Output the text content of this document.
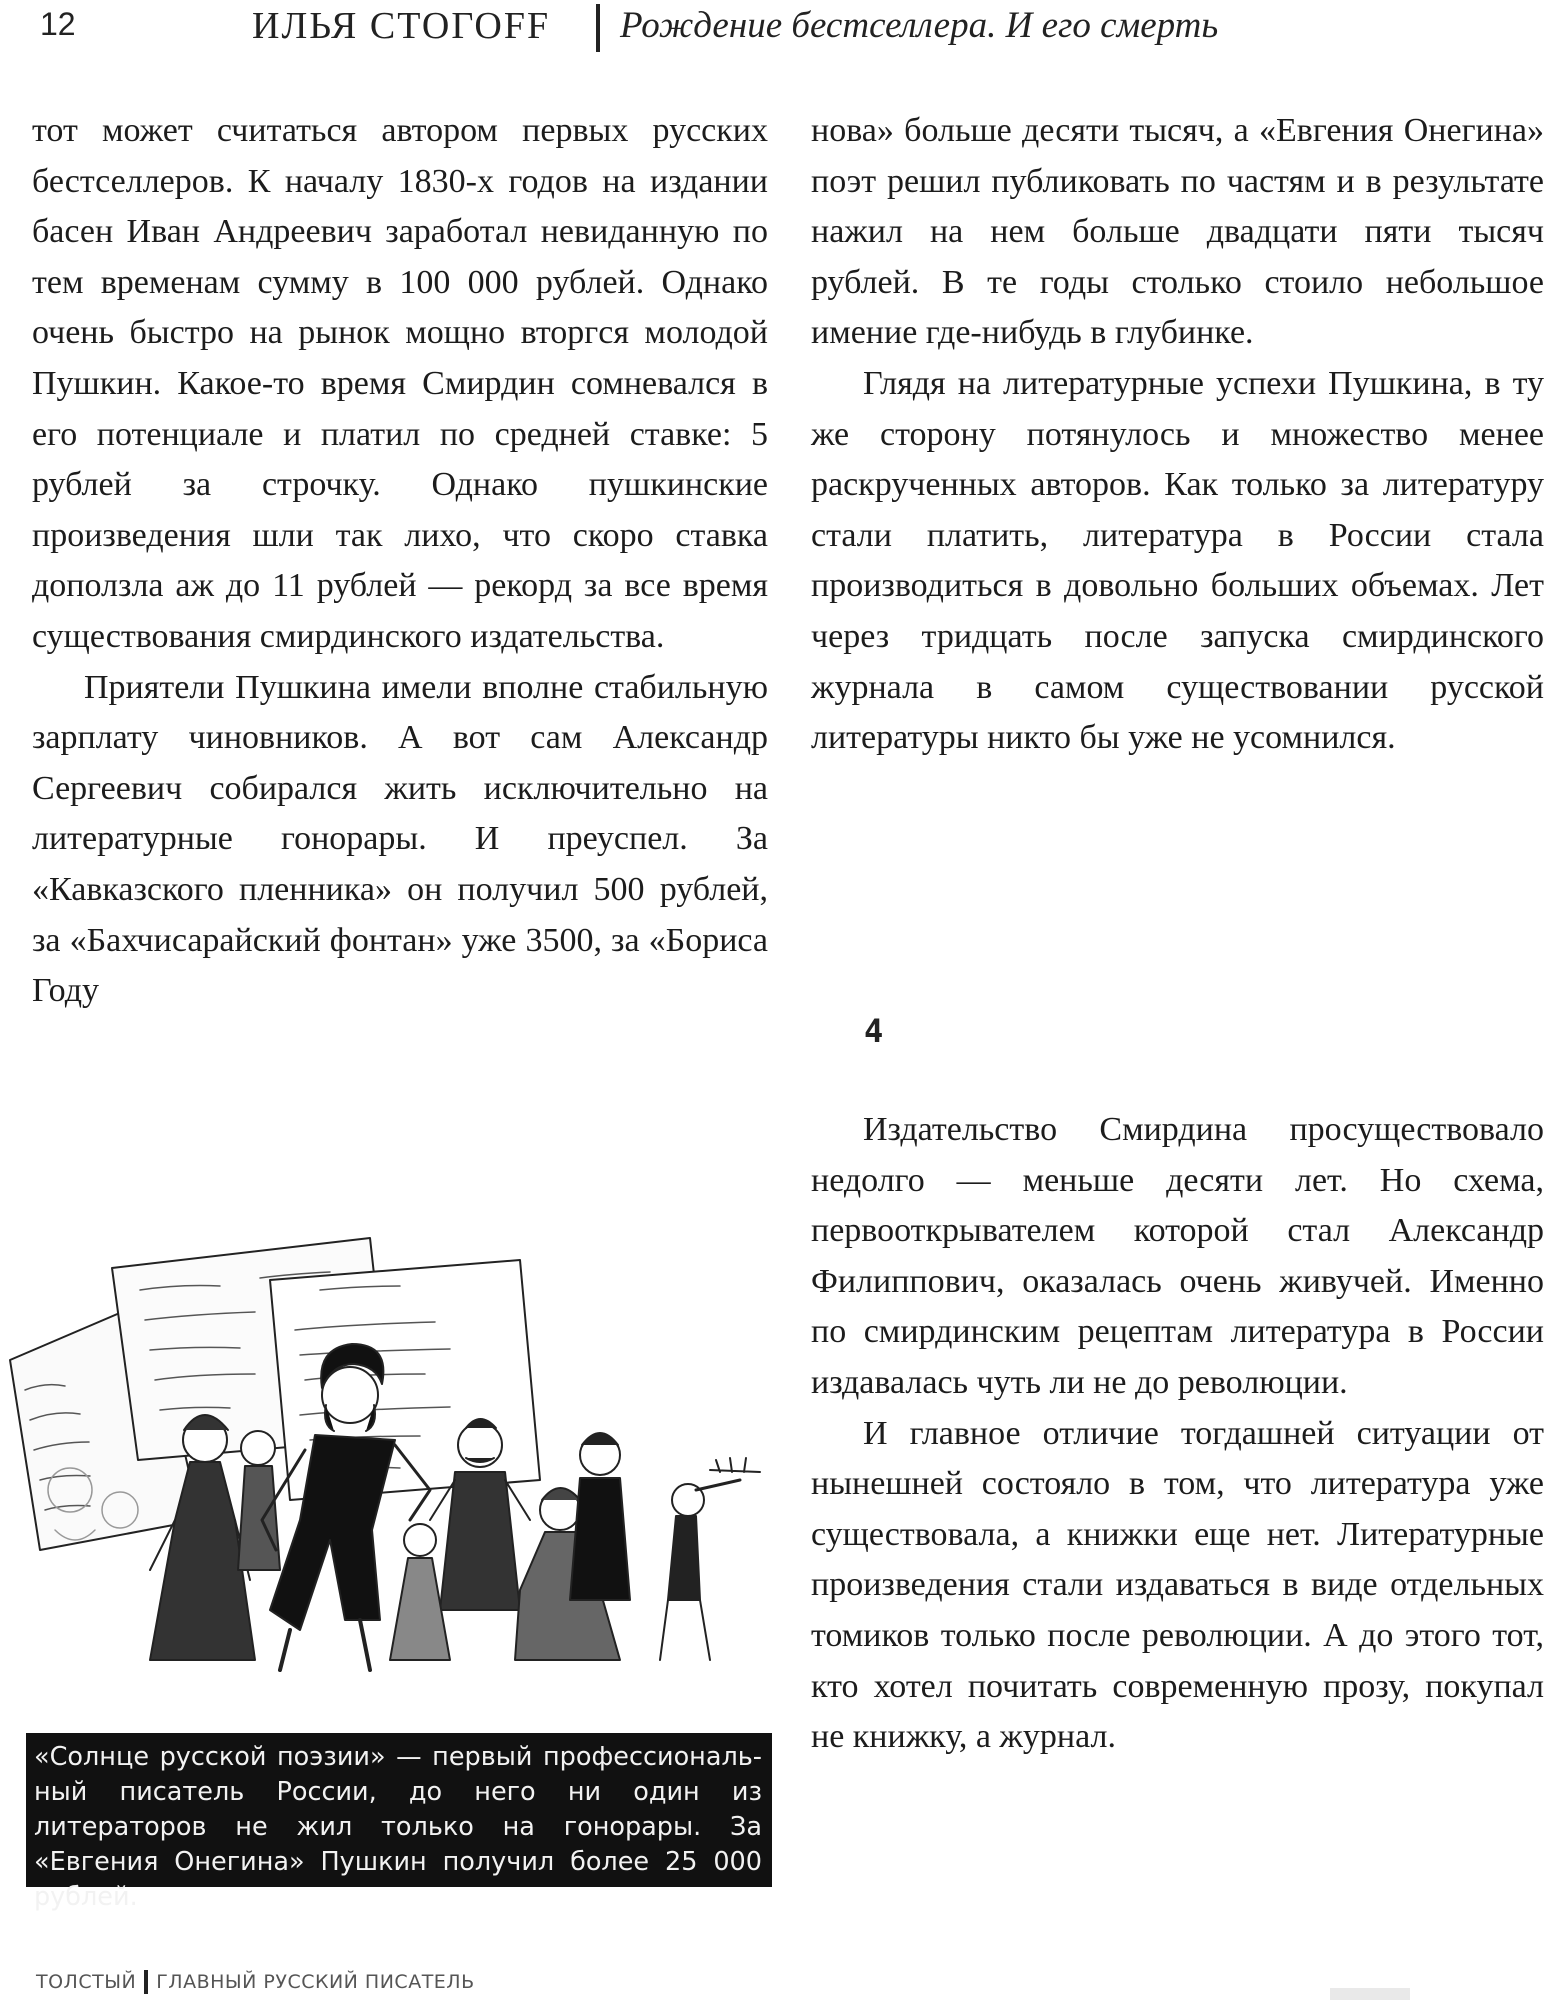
12	ИЛЬЯ СТОГОFF Рождение бестселлера. И его смерть

тот может считаться автором первых русских бестселлеров. К началу 1830-х годов на издании басен Иван Андреевич заработал невиданную по тем временам сумму в 100 000 рублей. Однако очень быстро на рынок мощно вторгся молодой Пушкин. Какое-то время Смирдин сомневался в его потенциале и платил по средней ставке: 5 рублей за строчку. Однако пушкинские произведения шли так лихо, что скоро ставка доползла аж до 11 рублей — рекорд за все время существования смирдинского издательства.

Приятели Пушкина имели вполне стабильную зарплату чиновников. А вот сам Александр Сергеевич собирался жить исключительно на литературные гонорары. И преуспел. За «Кавказского пленника» он получил 500 рублей, за «Бахчисарайский фонтан» уже 3500, за «Бориса Году

нова» больше десяти тысяч, а «Евгения Онегина» поэт решил публиковать по частям и в результате нажил на нем больше двадцати пяти тысяч рублей. В те годы столько стоило небольшое имение где-нибудь в глубинке.

Глядя на литературные успехи Пушкина, в ту же сторону потянулось и множество менее раскрученных авторов. Как только за литературу стали платить, литература в России стала производиться в довольно больших объемах. Лет через тридцать после запуска смирдинского журнала в самом существовании русской литературы никто бы уже не усомнился.

4

Издательство Смирдина просуществовало недолго — меньше десяти лет. Но схема, первооткрывателем которой стал Александр Филиппович, оказалась очень живучей. Именно по смирдинским рецептам литература в России издавалась чуть ли не до революции.

И главное отличие тогдашней ситуации от нынешней состояло в том, что литература уже существовала, а книжки еще нет. Литературные произведения стали издаваться в виде отдельных томиков только после революции. А до этого тот, кто хотел почитать современную прозу, покупал не книжку, а журнал.

«Солнце русской поэзии» — первый профессиональный писатель России, до него ни один из литераторов не жил только на гонорары. За «Евгения Онегина» Пушкин получил более 25 000 рублей.
ТОЛСТЫЙ ГЛАВНЫЙ РУССКИЙ ПИСАТЕЛЬ
